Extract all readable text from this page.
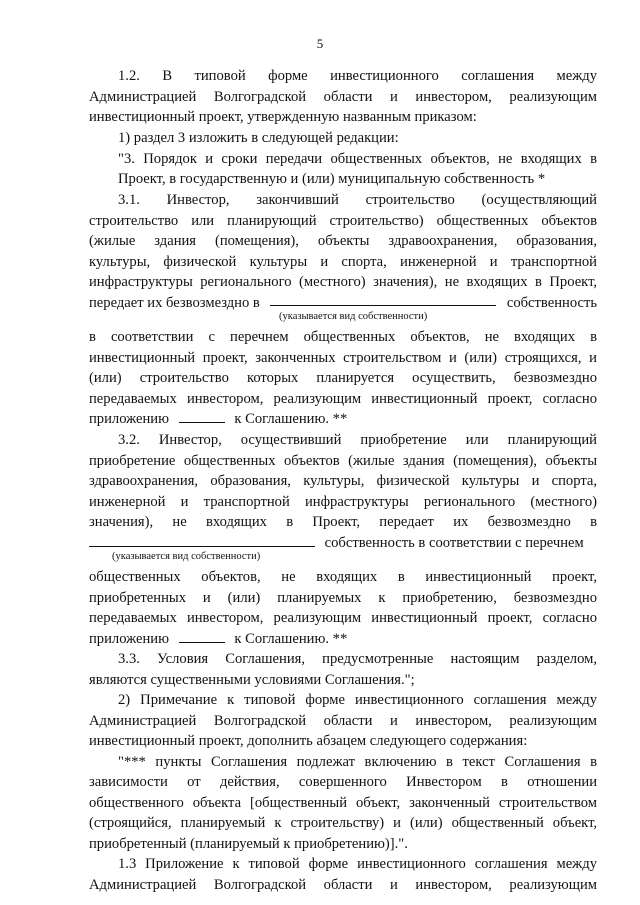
5
1.2. В типовой форме инвестиционного соглашения между
Администрацией Волгоградской области и инвестором, реализующим
инвестиционный проект, утвержденную названным приказом:
1) раздел 3 изложить в следующей редакции:
"3. Порядок и сроки передачи общественных объектов, не входящих в
Проект, в государственную и (или) муниципальную собственность *
3.1. Инвестор, закончивший строительство (осуществляющий
строительство или планирующий строительство) общественных объектов
(жилые здания (помещения), объекты здравоохранения, образования,
культуры, физической культуры и спорта, инженерной и транспортной
инфраструктуры регионального (местного) значения), не входящих в Проект,
передает их безвозмездно в	собственность
(указывается вид собственности)
в соответствии с перечнем общественных объектов, не входящих в
инвестиционный проект, законченных строительством и (или) строящихся, и
(или) строительство которых планируется осуществить, безвозмездно
передаваемых инвестором, реализующим инвестиционный проект, согласно
приложению	к Соглашению. **
3.2. Инвестор, осуществивший приобретение или планирующий
приобретение общественных объектов (жилые здания (помещения), объекты
здравоохранения, образования, культуры, физической культуры и спорта,
инженерной и транспортной инфраструктуры регионального (местного)
значения), не входящих в Проект, передает их безвозмездно в
собственность в соответствии с перечнем
(указывается вид собственности)
общественных объектов, не входящих в инвестиционный проект,
приобретенных и (или) планируемых к приобретению, безвозмездно
передаваемых инвестором, реализующим инвестиционный проект, согласно
приложению	к Соглашению. **
3.3. Условия Соглашения, предусмотренные настоящим разделом,
являются существенными условиями Соглашения.";
2) Примечание к типовой форме инвестиционного соглашения между
Администрацией Волгоградской области и инвестором, реализующим
инвестиционный проект, дополнить абзацем следующего содержания:
"*** пункты Соглашения подлежат включению в текст Соглашения в
зависимости от действия, совершенного Инвестором в отношении
общественного объекта [общественный объект, законченный строительством
(строящийся, планируемый к строительству) и (или) общественный объект,
приобретенный (планируемый к приобретению)].".
1.3 Приложение к типовой форме инвестиционного соглашения между
Администрацией Волгоградской области и инвестором, реализующим
